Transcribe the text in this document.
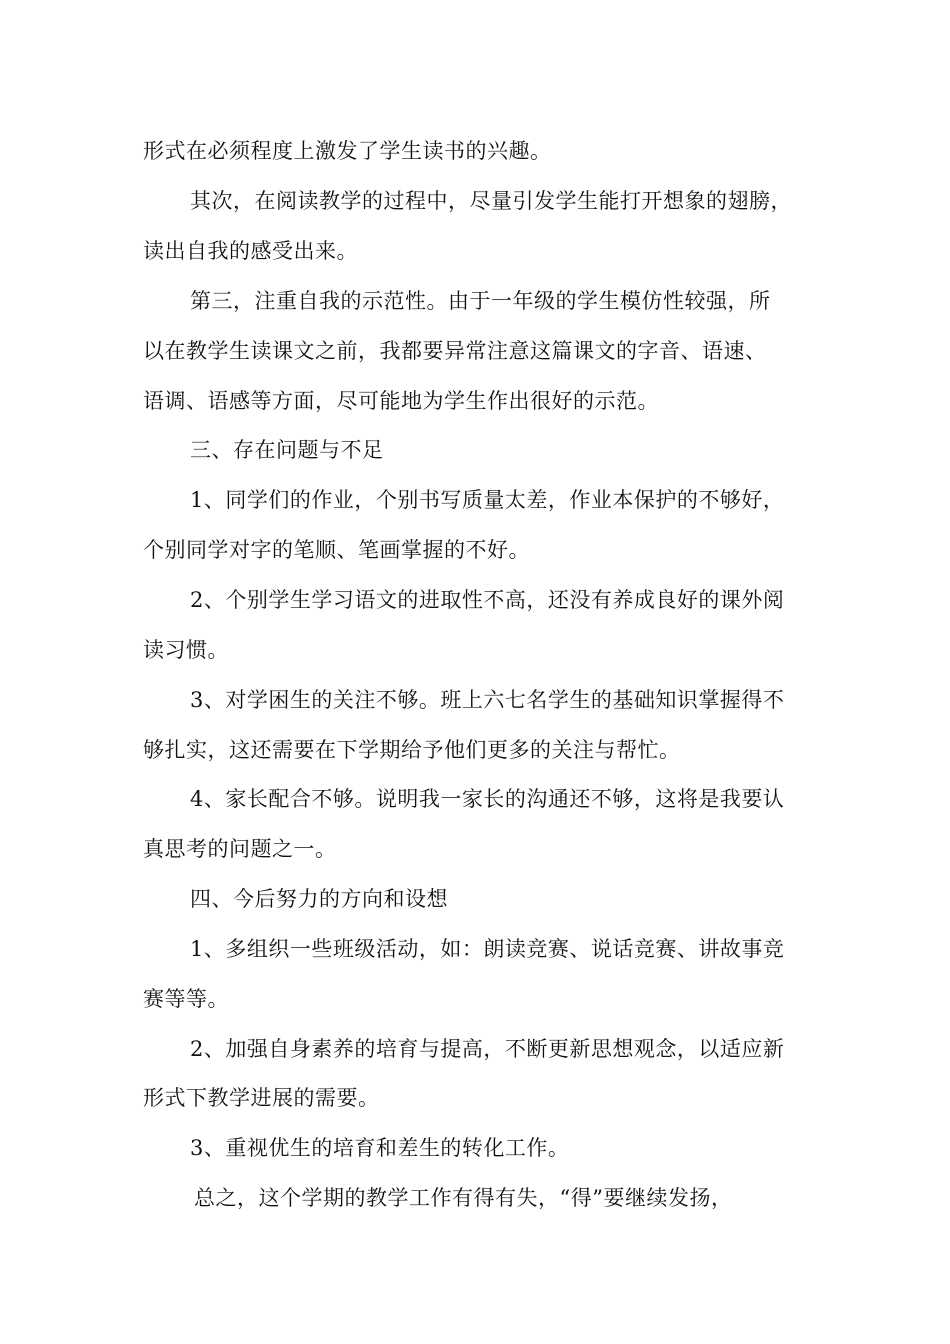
形式在必须程度上激发了学生读书的兴趣。
其次，在阅读教学的过程中，尽量引发学生能打开想象的翅膀，
读出自我的感受出来。
第三，注重自我的示范性。由于一年级的学生模仿性较强，所
以在教学生读课文之前，我都要异常注意这篇课文的字音、语速、
语调、语感等方面，尽可能地为学生作出很好的示范。
三、存在问题与不足
1、同学们的作业，个别书写质量太差，作业本保护的不够好，
个别同学对字的笔顺、笔画掌握的不好。
2、个别学生学习语文的进取性不高，还没有养成良好的课外阅
读习惯。
3、对学困生的关注不够。班上六七名学生的基础知识掌握得不
够扎实，这还需要在下学期给予他们更多的关注与帮忙。
4、家长配合不够。说明我一家长的沟通还不够，这将是我要认
真思考的问题之一。
四、今后努力的方向和设想
1、多组织一些班级活动，如：朗读竞赛、说话竞赛、讲故事竞
赛等等。
2、加强自身素养的培育与提高，不断更新思想观念，以适应新
形式下教学进展的需要。
3、重视优生的培育和差生的转化工作。
总之，这个学期的教学工作有得有失，“得”要继续发扬，
